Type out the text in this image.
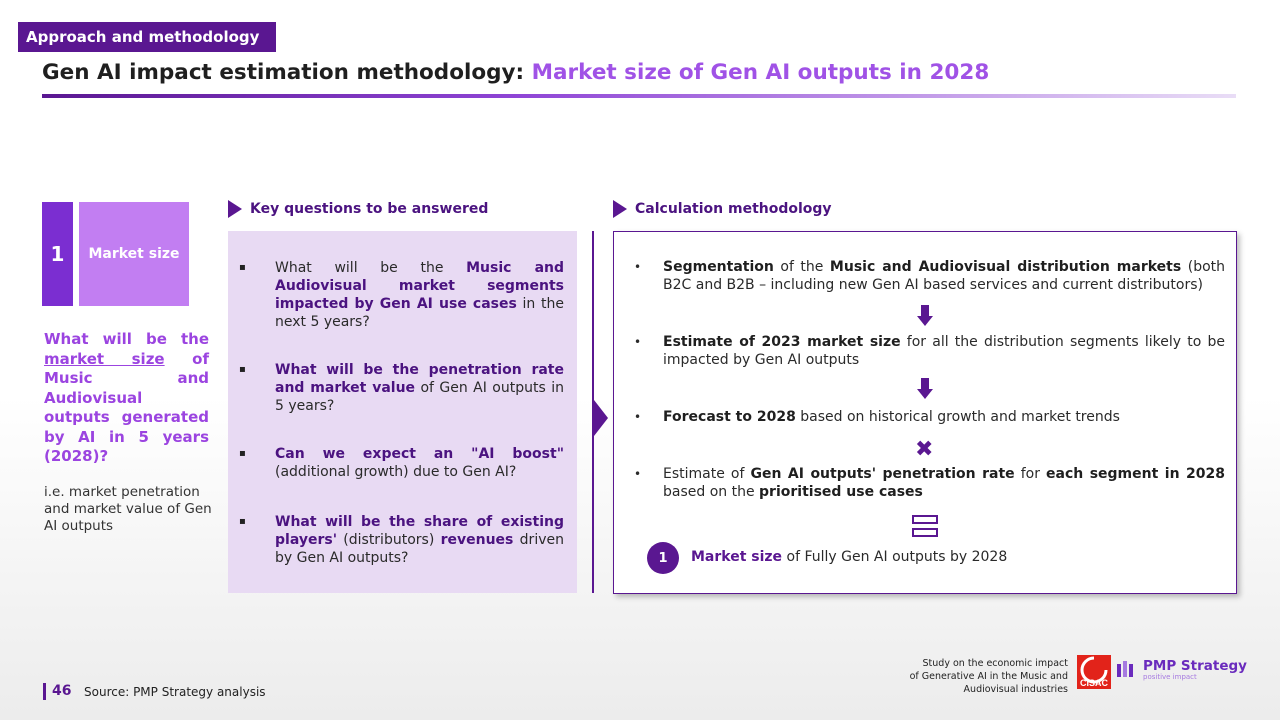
Approach and methodology
Gen AI impact estimation methodology: Market size of Gen AI outputs in 2028
1	Market size
What will be the market size of Music and Audiovisual outputs generated by AI in 5 years (2028)?
i.e. market penetration and market value of Gen AI outputs
Key questions to be answered
▪	What will be the Music and Audiovisual market segments impacted by Gen AI use cases in the next 5 years?
▪	What will be the penetration rate and market value of Gen AI outputs in 5 years?
▪	Can we expect an "AI boost" (additional growth) due to Gen AI?
▪	What will be the share of existing players' (distributors) revenues driven by Gen AI outputs?
Calculation methodology
•	Segmentation of the Music and Audiovisual distribution markets (both B2C and B2B – including new Gen AI based services and current distributors)
•	Estimate of 2023 market size for all the distribution segments likely to be impacted by Gen AI outputs
•	Forecast to 2028 based on historical growth and market trends
✖
•	Estimate of Gen AI outputs' penetration rate for each segment in 2028 based on the prioritised use cases
1	Market size of Fully Gen AI outputs by 2028
46 Source: PMP Strategy analysis
Study on the economic impact
of Generative AI in the Music and
Audiovisual industries
CISAC
PMP Strategy
positive impact
